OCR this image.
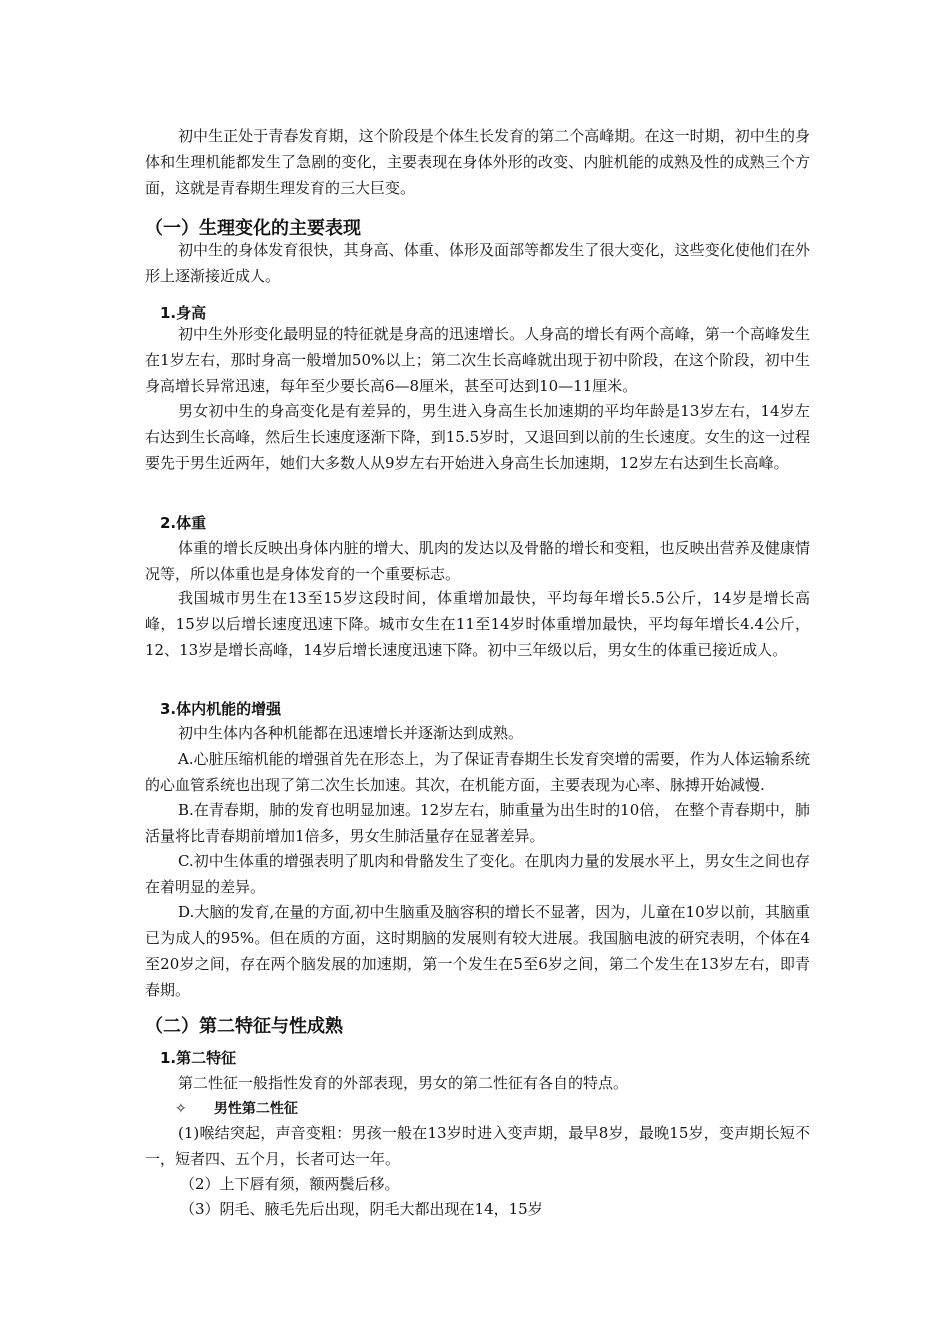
初中生正处于青春发育期，这个阶段是个体生长发育的第二个高峰期。在这一时期，初中生的身体和生理机能都发生了急剧的变化，主要表现在身体外形的改变、内脏机能的成熟及性的成熟三个方面，这就是青春期生理发育的三大巨变。
（一）生理变化的主要表现
初中生的身体发育很快，其身高、体重、体形及面部等都发生了很大变化，这些变化使他们在外形上逐渐接近成人。
1.身高
初中生外形变化最明显的特征就是身高的迅速增长。人身高的增长有两个高峰，第一个高峰发生在1岁左右，那时身高一般增加50%以上；第二次生长高峰就出现于初中阶段，在这个阶段，初中生身高增长异常迅速，每年至少要长高6—8厘米，甚至可达到10—11厘米。
男女初中生的身高变化是有差异的，男生进入身高生长加速期的平均年龄是13岁左右，14岁左右达到生长高峰，然后生长速度逐渐下降，到15.5岁时，又退回到以前的生长速度。女生的这一过程要先于男生近两年，她们大多数人从9岁左右开始进入身高生长加速期，12岁左右达到生长高峰。
2.体重
体重的增长反映出身体内脏的增大、肌肉的发达以及骨骼的增长和变粗，也反映出营养及健康情况等，所以体重也是身体发育的一个重要标志。
我国城市男生在13至15岁这段时间，体重增加最快，平均每年增长5.5公斤，14岁是增长高峰，15岁以后增长速度迅速下降。城市女生在11至14岁时体重增加最快，平均每年增长4.4公斤，12、13岁是增长高峰，14岁后增长速度迅速下降。初中三年级以后，男女生的体重已接近成人。
3.体内机能的增强
初中生体内各种机能都在迅速增长并逐渐达到成熟。
A.心脏压缩机能的增强首先在形态上，为了保证青春期生长发育突增的需要，作为人体运输系统的心血管系统也出现了第二次生长加速。其次，在机能方面，主要表现为心率、脉搏开始减慢.
B.在青春期，肺的发育也明显加速。12岁左右，肺重量为出生时的10倍， 在整个青春期中，肺活量将比青春期前增加1倍多，男女生肺活量存在显著差异。
C.初中生体重的增强表明了肌肉和骨骼发生了变化。在肌肉力量的发展水平上，男女生之间也存在着明显的差异。
D.大脑的发育,在量的方面,初中生脑重及脑容积的增长不显著，因为，儿童在10岁以前，其脑重已为成人的95%。但在质的方面，这时期脑的发展则有较大进展。我国脑电波的研究表明，个体在4至20岁之间，存在两个脑发展的加速期，第一个发生在5至6岁之间，第二个发生在13岁左右，即青春期。
（二）第二特征与性成熟
1.第二特征
第二性征一般指性发育的外部表现，男女的第二性征有各自的特点。
✧ 男性第二性征
(1)喉结突起，声音变粗：男孩一般在13岁时进入变声期，最早8岁，最晚15岁，变声期长短不一，短者四、五个月，长者可达一年。
（2）上下唇有须，额两鬓后移。
（3）阴毛、腋毛先后出现，阴毛大都出现在14，15岁
